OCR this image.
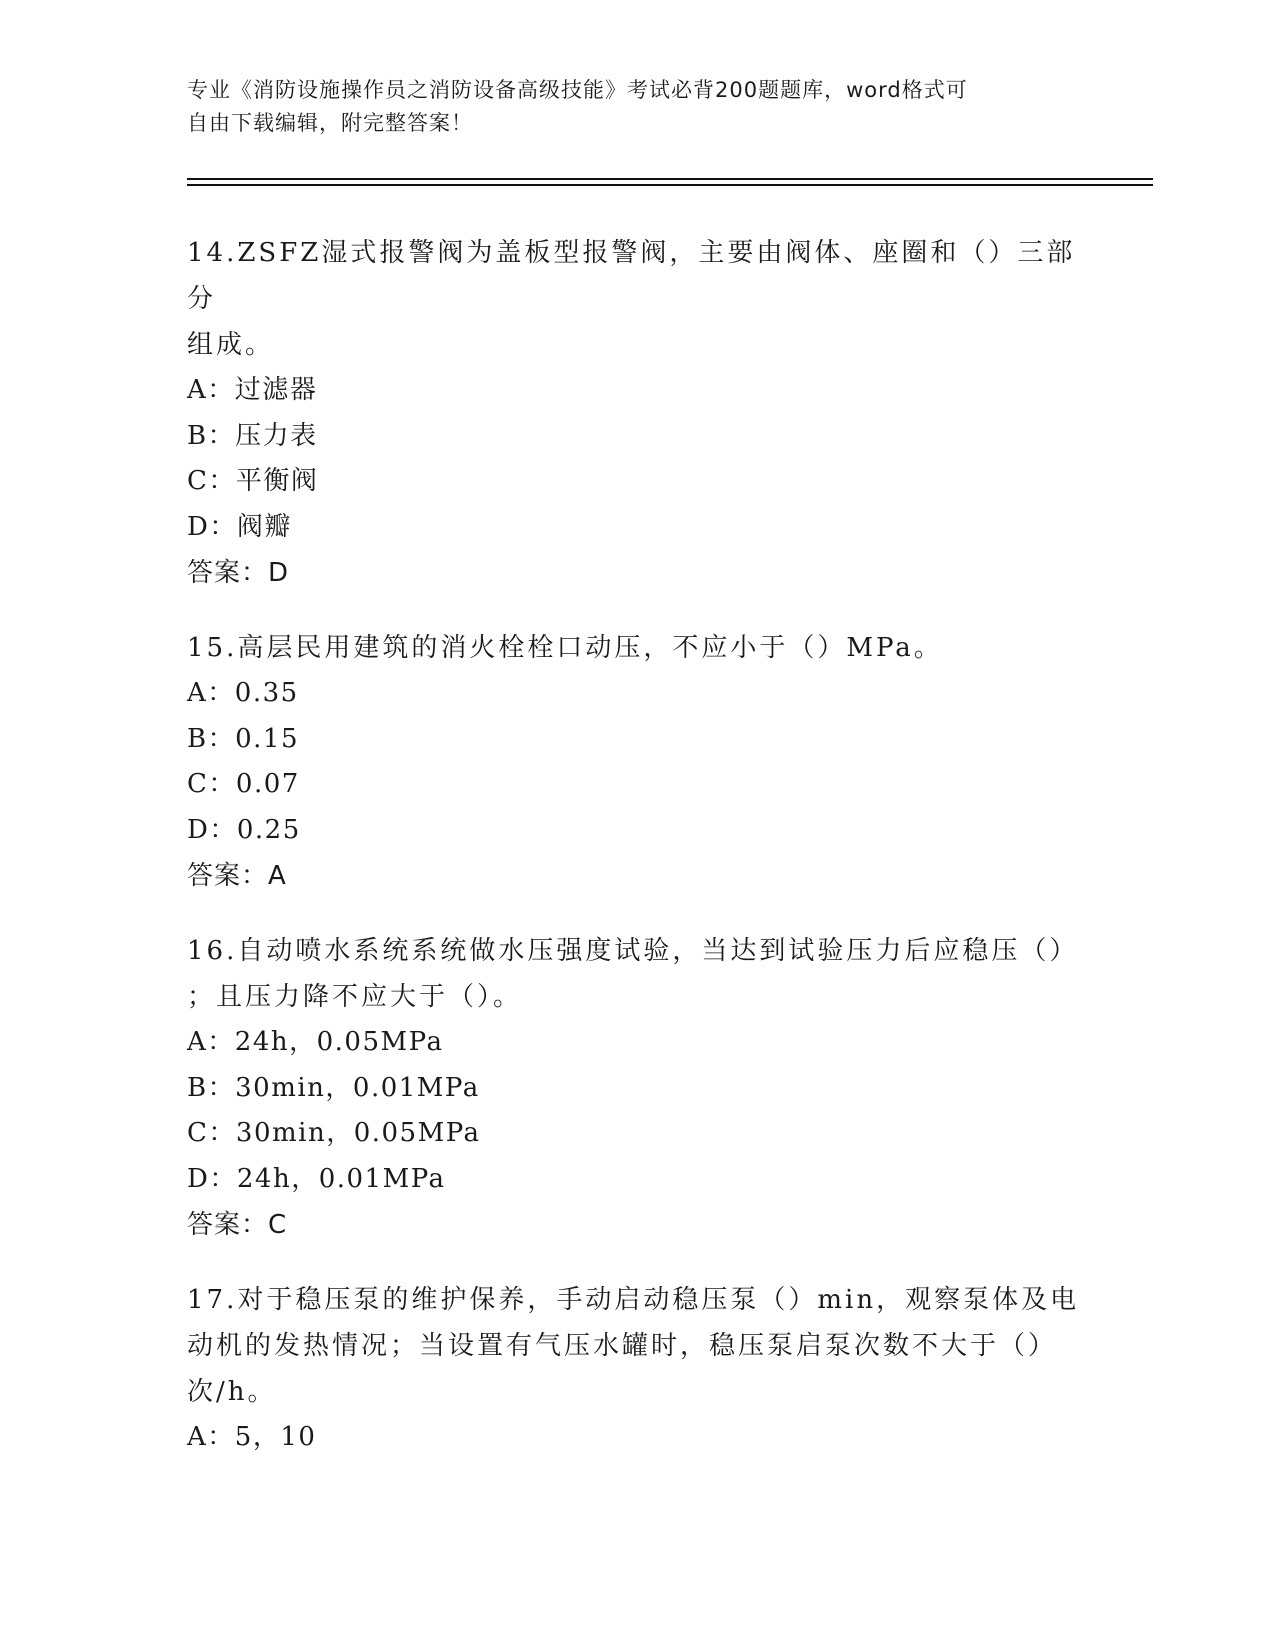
专业《消防设施操作员之消防设备高级技能》考试必背200题题库，word格式可
自由下载编辑，附完整答案！
14.ZSFZ湿式报警阀为盖板型报警阀，主要由阀体、座圈和（）三部分
组成。
A：过滤器
B：压力表
C：平衡阀
D：阀瓣
答案：D
15.高层民用建筑的消火栓栓口动压，不应小于（）MPa。
A：0.35
B：0.15
C：0.07
D：0.25
答案：A
16.自动喷水系统系统做水压强度试验，当达到试验压力后应稳压（）
；且压力降不应大于（）。
A：24h，0.05MPa
B：30min，0.01MPa
C：30min，0.05MPa
D：24h，0.01MPa
答案：C
17.对于稳压泵的维护保养，手动启动稳压泵（）min，观察泵体及电
动机的发热情况；当设置有气压水罐时，稳压泵启泵次数不大于（）
次/h。
A：5，10
